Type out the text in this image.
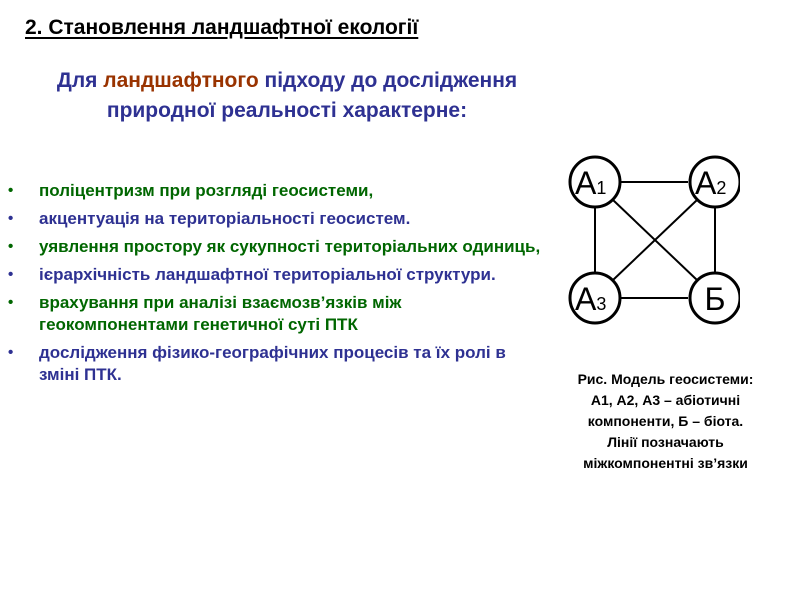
2. Становлення ландшафтної екології
Для ландшафтного підходу до дослідження природної реальності характерне:
• поліцентризм при розгляді геосистеми,
• акцентуація на територіальності геосистем.
• уявлення простору як сукупності територіальних одиниць,
• ієрархічність ландшафтної територіальної структури.
• врахування при аналізі взаємозв’язків між геокомпонентами генетичної суті ПТК
• дослідження фізико-географічних процесів та їх ролі в зміні ПТК.
А1	А2
А3	Б
Рис. Модель геосистеми:
А1, А2, А3 – абіотичні компоненти, Б – біота.
Лінії позначають міжкомпонентні зв’язки
